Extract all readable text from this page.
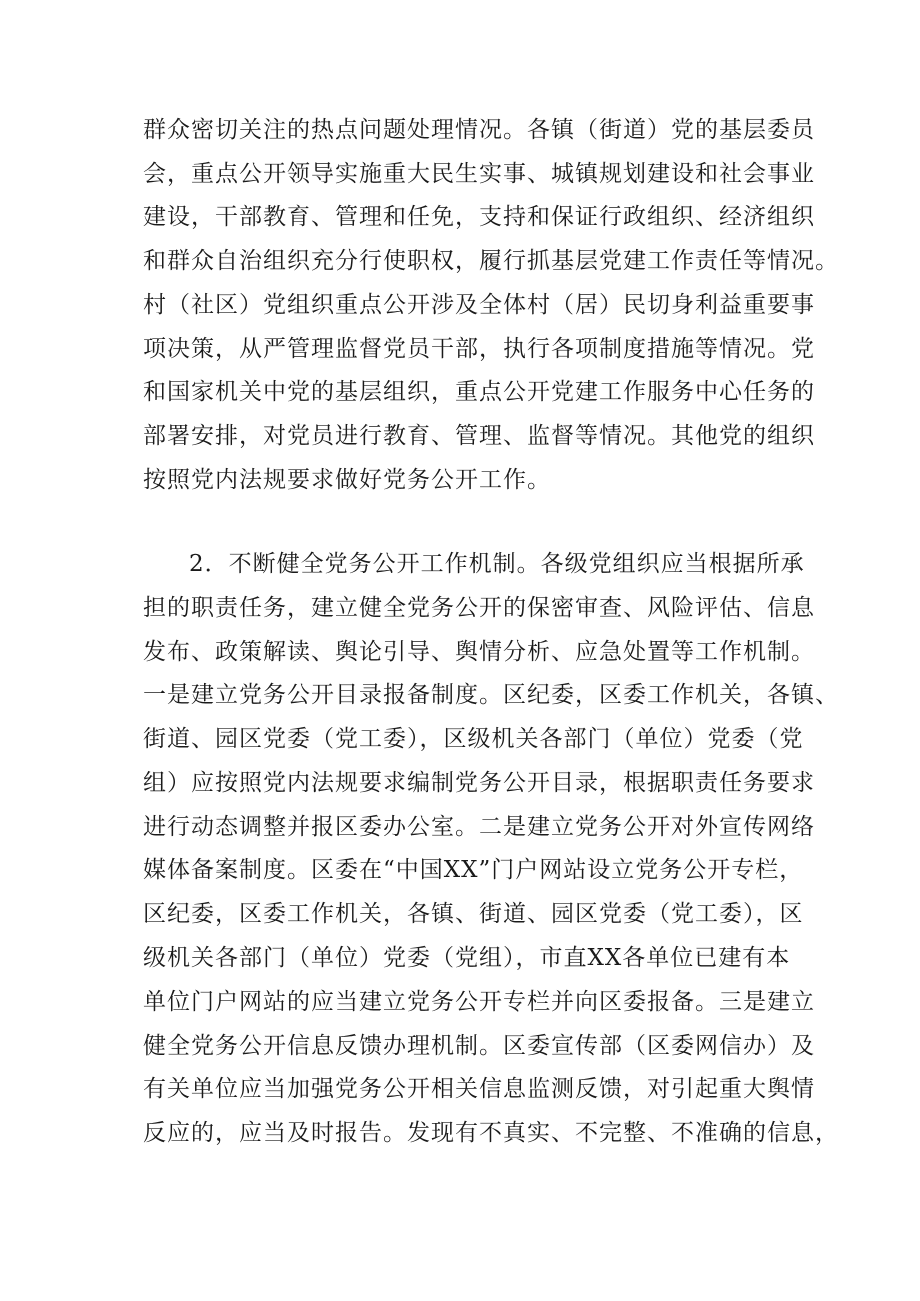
群众密切关注的热点问题处理情况。各镇（街道）党的基层委员
会，重点公开领导实施重大民生实事、城镇规划建设和社会事业
建设，干部教育、管理和任免，支持和保证行政组织、经济组织
和群众自治组织充分行使职权，履行抓基层党建工作责任等情况。
村（社区）党组织重点公开涉及全体村（居）民切身利益重要事
项决策，从严管理监督党员干部，执行各项制度措施等情况。党
和国家机关中党的基层组织，重点公开党建工作服务中心任务的
部署安排，对党员进行教育、管理、监督等情况。其他党的组织
按照党内法规要求做好党务公开工作。
2．不断健全党务公开工作机制。各级党组织应当根据所承
担的职责任务，建立健全党务公开的保密审查、风险评估、信息
发布、政策解读、舆论引导、舆情分析、应急处置等工作机制。
一是建立党务公开目录报备制度。区纪委，区委工作机关，各镇、
街道、园区党委（党工委），区级机关各部门（单位）党委（党
组）应按照党内法规要求编制党务公开目录，根据职责任务要求
进行动态调整并报区委办公室。二是建立党务公开对外宣传网络
媒体备案制度。区委在“中国XX”门户网站设立党务公开专栏，
区纪委，区委工作机关，各镇、街道、园区党委（党工委），区
级机关各部门（单位）党委（党组），市直XX各单位已建有本
单位门户网站的应当建立党务公开专栏并向区委报备。三是建立
健全党务公开信息反馈办理机制。区委宣传部（区委网信办）及
有关单位应当加强党务公开相关信息监测反馈，对引起重大舆情
反应的，应当及时报告。发现有不真实、不完整、不准确的信息，
